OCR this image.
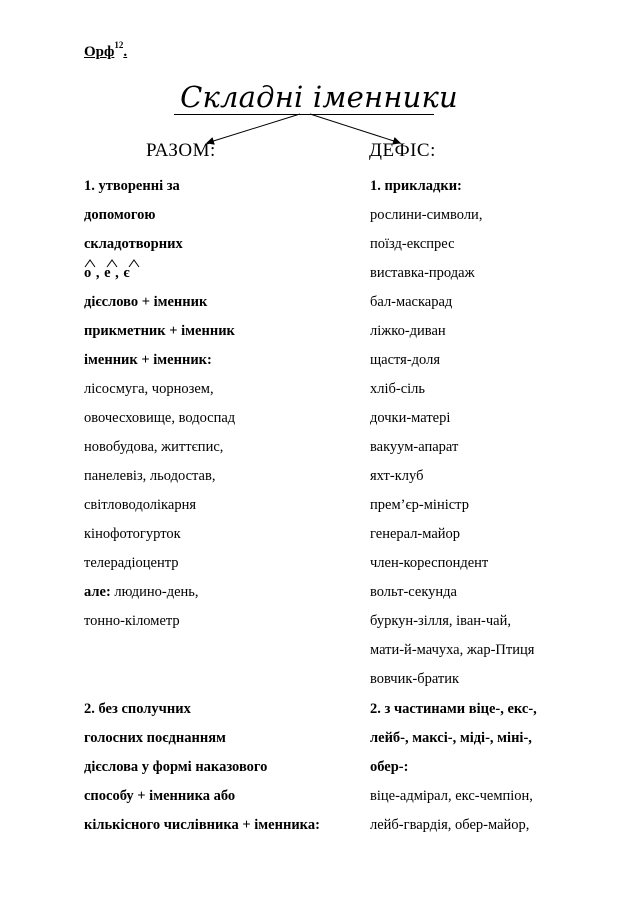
Орф$^{12}$.
Складні іменники
РАЗОМ:	ДЕФІС:
1. утворенні за
допомогою
складотворних
о , е , є
дієслово + іменник
прикметник + іменник
іменник + іменник:
лісосмуга, чорнозем,
овочесховище, водоспад
новобудова, життєпис,
панелевіз, льодостав,
світловодолікарня
кінофотогурток
телерадіоцентр
але: людино-день,
тонно-кілометр
2. без сполучних
голосних поєднанням
дієслова у формі наказового
способу + іменника або
кількісного числівника + іменника:
1. прикладки:
рослини-символи,
поїзд-експрес
виставка-продаж
бал-маскарад
ліжко-диван
щастя-доля
хліб-сіль
дочки-матері
вакуум-апарат
яхт-клуб
прем’єр-міністр
генерал-майор
член-кореспондент
вольт-секунда
буркун-зілля, іван-чай,
мати-й-мачуха, жар-Птиця
вовчик-братик
2. з частинами віце-, екс-,
лейб-, максі-, міді-, міні-,
обер-:
віце-адмірал, екс-чемпіон,
лейб-гвардія, обер-майор,
